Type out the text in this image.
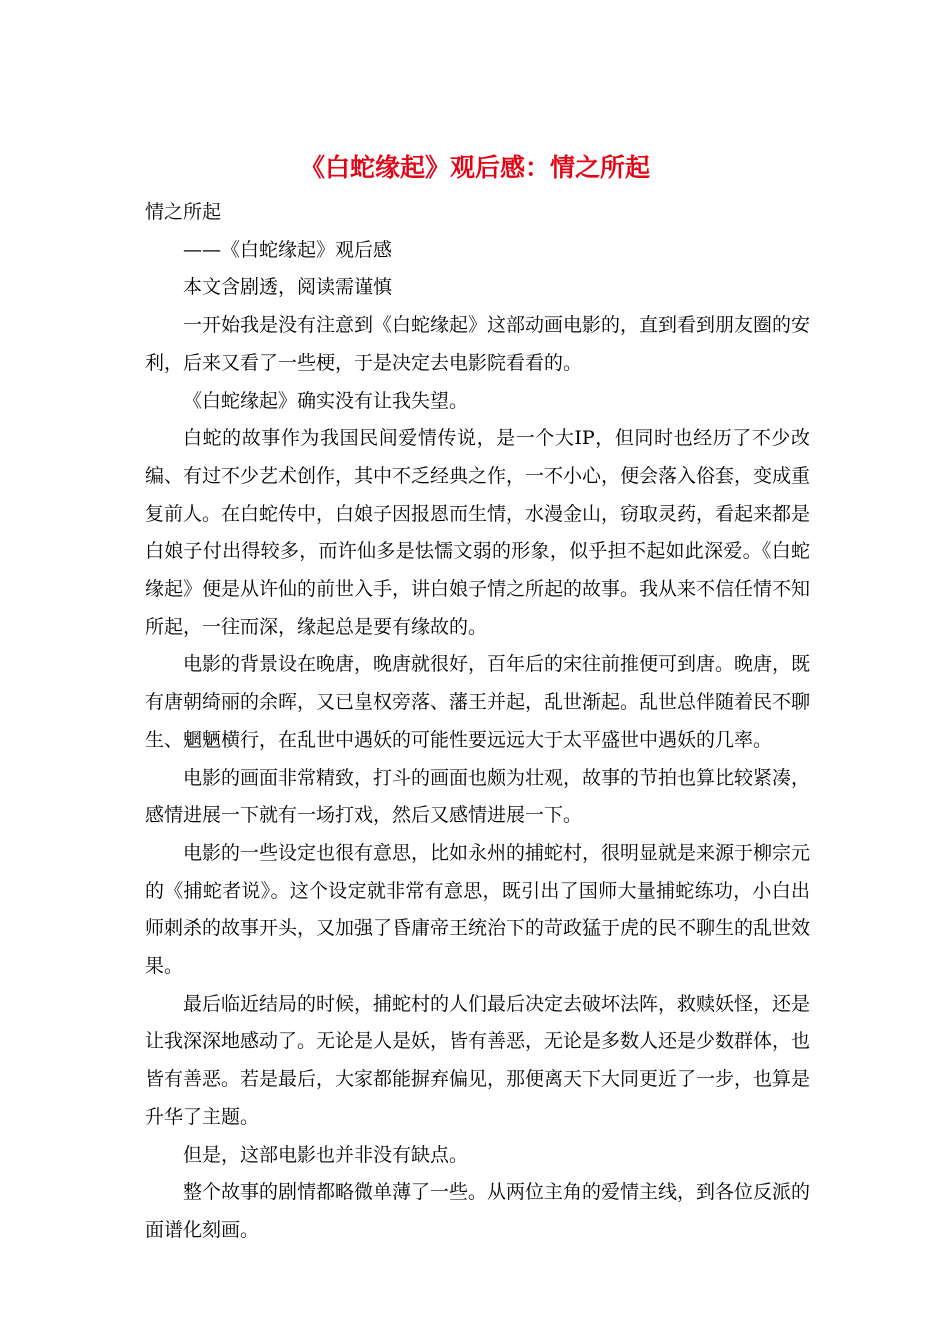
《白蛇缘起》观后感：情之所起

情之所起

——《白蛇缘起》观后感

本文含剧透，阅读需谨慎

一开始我是没有注意到《白蛇缘起》这部动画电影的，直到看到朋友圈的安利，后来又看了一些梗，于是决定去电影院看看的。

《白蛇缘起》确实没有让我失望。

白蛇的故事作为我国民间爱情传说，是一个大IP，但同时也经历了不少改编、有过不少艺术创作，其中不乏经典之作，一不小心，便会落入俗套，变成重复前人。在白蛇传中，白娘子因报恩而生情，水漫金山，窃取灵药，看起来都是白娘子付出得较多，而许仙多是怯懦文弱的形象，似乎担不起如此深爱。《白蛇缘起》便是从许仙的前世入手，讲白娘子情之所起的故事。我从来不信任情不知所起，一往而深，缘起总是要有缘故的。

电影的背景设在晚唐，晚唐就很好，百年后的宋往前推便可到唐。晚唐，既有唐朝绮丽的余晖，又已皇权旁落、藩王并起，乱世渐起。乱世总伴随着民不聊生、魍魉横行，在乱世中遇妖的可能性要远远大于太平盛世中遇妖的几率。

电影的画面非常精致，打斗的画面也颇为壮观，故事的节拍也算比较紧凑，感情进展一下就有一场打戏，然后又感情进展一下。

电影的一些设定也很有意思，比如永州的捕蛇村，很明显就是来源于柳宗元的《捕蛇者说》。这个设定就非常有意思，既引出了国师大量捕蛇练功，小白出师刺杀的故事开头，又加强了昏庸帝王统治下的苛政猛于虎的民不聊生的乱世效果。

最后临近结局的时候，捕蛇村的人们最后决定去破坏法阵，救赎妖怪，还是让我深深地感动了。无论是人是妖，皆有善恶，无论是多数人还是少数群体，也皆有善恶。若是最后，大家都能摒弃偏见，那便离天下大同更近了一步，也算是升华了主题。

但是，这部电影也并非没有缺点。

整个故事的剧情都略微单薄了一些。从两位主角的爱情主线，到各位反派的面谱化刻画。
